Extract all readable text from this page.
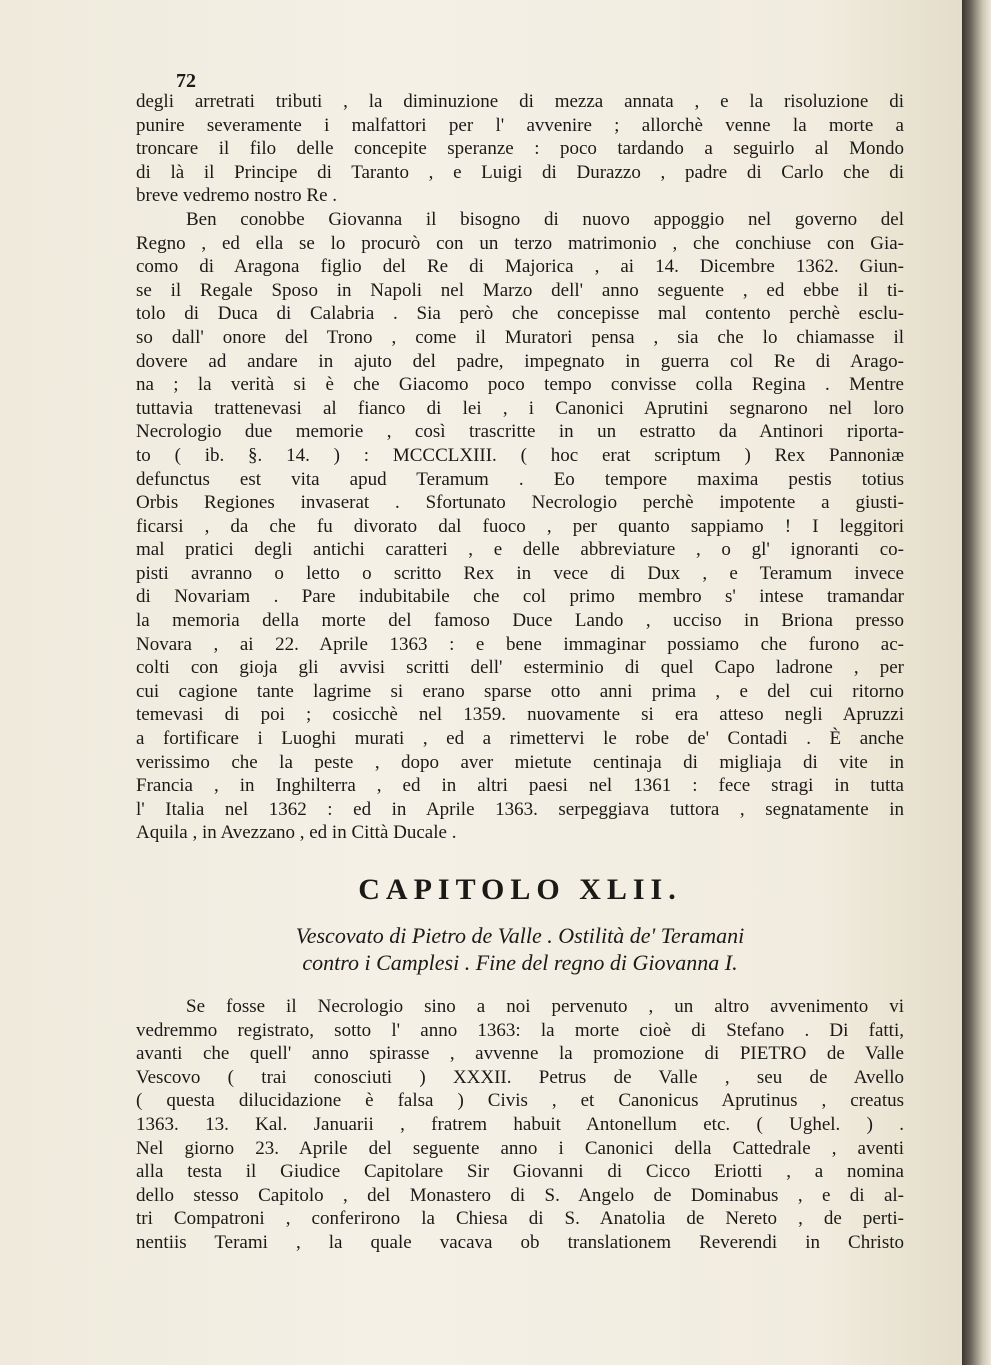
72
degli arretrati tributi , la diminuzione di mezza annata , e la risoluzione di
punire severamente i malfattori per l' avvenire ; allorchè venne la morte a
troncare il filo delle concepite speranze : poco tardando a seguirlo al Mondo
di là il Principe di Taranto , e Luigi di Durazzo , padre di Carlo che di
breve vedremo nostro Re .
Ben conobbe Giovanna il bisogno di nuovo appoggio nel governo del
Regno , ed ella se lo procurò con un terzo matrimonio , che conchiuse con Gia-
como di Aragona figlio del Re di Majorica , ai 14. Dicembre 1362. Giun-
se il Regale Sposo in Napoli nel Marzo dell' anno seguente , ed ebbe il ti-
tolo di Duca di Calabria . Sia però che concepisse mal contento perchè esclu-
so dall' onore del Trono , come il Muratori pensa , sia che lo chiamasse il
dovere ad andare in ajuto del padre, impegnato in guerra col Re di Arago-
na ; la verità si è che Giacomo poco tempo convisse colla Regina . Mentre
tuttavia trattenevasi al fianco di lei , i Canonici Aprutini segnarono nel loro
Necrologio due memorie , così trascritte in un estratto da Antinori riporta-
to ( ib. §. 14. ) : MCCCLXIII. ( hoc erat scriptum ) Rex Pannoniæ
defunctus est vita apud Teramum . Eo tempore maxima pestis totius
Orbis Regiones invaserat . Sfortunato Necrologio perchè impotente a giusti-
ficarsi , da che fu divorato dal fuoco , per quanto sappiamo ! I leggitori
mal pratici degli antichi caratteri , e delle abbreviature , o gl' ignoranti co-
pisti avranno o letto o scritto Rex in vece di Dux , e Teramum invece
di Novariam . Pare indubitabile che col primo membro s' intese tramandar
la memoria della morte del famoso Duce Lando , ucciso in Briona presso
Novara , ai 22. Aprile 1363 : e bene immaginar possiamo che furono ac-
colti con gioja gli avvisi scritti dell' esterminio di quel Capo ladrone , per
cui cagione tante lagrime si erano sparse otto anni prima , e del cui ritorno
temevasi di poi ; cosicchè nel 1359. nuovamente si era atteso negli Apruzzi
a fortificare i Luoghi murati , ed a rimettervi le robe de' Contadi . È anche
verissimo che la peste , dopo aver mietute centinaja di migliaja di vite in
Francia , in Inghilterra , ed in altri paesi nel 1361 : fece stragi in tutta
l' Italia nel 1362 : ed in Aprile 1363. serpeggiava tuttora , segnatamente in
Aquila , in Avezzano , ed in Città Ducale .
CAPITOLO XLII.
Vescovato di Pietro de Valle . Ostilità de' Teramani
contro i Camplesi . Fine del regno di Giovanna I.
Se fosse il Necrologio sino a noi pervenuto , un altro avvenimento vi
vedremmo registrato, sotto l' anno 1363: la morte cioè di Stefano . Di fatti,
avanti che quell' anno spirasse , avvenne la promozione di PIETRO de Valle
Vescovo ( trai conosciuti ) XXXII. Petrus de Valle , seu de Avello
( questa dilucidazione è falsa ) Civis , et Canonicus Aprutinus , creatus
1363. 13. Kal. Januarii , fratrem habuit Antonellum etc. ( Ughel. ) .
Nel giorno 23. Aprile del seguente anno i Canonici della Cattedrale , aventi
alla testa il Giudice Capitolare Sir Giovanni di Cicco Eriotti , a nomina
dello stesso Capitolo , del Monastero di S. Angelo de Dominabus , e di al-
tri Compatroni , conferirono la Chiesa di S. Anatolia de Nereto , de perti-
nentiis Terami , la quale vacava ob translationem Reverendi in Christo
